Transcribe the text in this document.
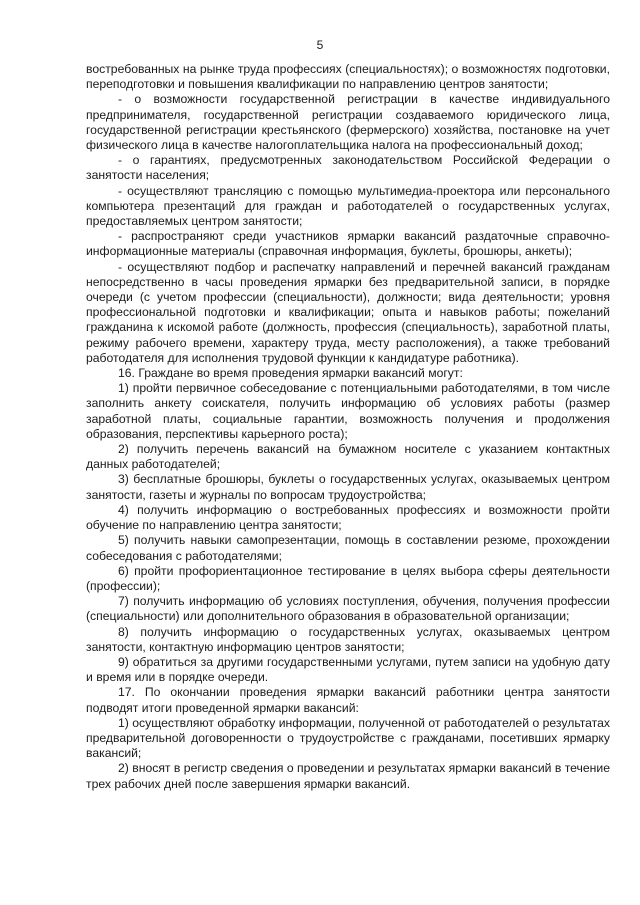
5

востребованных на рынке труда профессиях (специальностях); о возможностях подготовки, переподготовки и повышения квалификации по направлению центров занятости;

- о возможности государственной регистрации в качестве индивидуального предпринимателя, государственной регистрации создаваемого юридического лица, государственной регистрации крестьянского (фермерского) хозяйства, постановке на учет физического лица в качестве налогоплательщика налога на профессиональный доход;

- о гарантиях, предусмотренных законодательством Российской Федерации о занятости населения;

- осуществляют трансляцию с помощью мультимедиа-проектора или персонального компьютера презентаций для граждан и работодателей о государственных услугах, предоставляемых центром занятости;

- распространяют среди участников ярмарки вакансий раздаточные справочно-информационные материалы (справочная информация, буклеты, брошюры, анкеты);

- осуществляют подбор и распечатку направлений и перечней вакансий гражданам непосредственно в часы проведения ярмарки без предварительной записи, в порядке очереди (с учетом профессии (специальности), должности; вида деятельности; уровня профессиональной подготовки и квалификации; опыта и навыков работы; пожеланий гражданина к искомой работе (должность, профессия (специальность), заработной платы, режиму рабочего времени, характеру труда, месту расположения), а также требований работодателя для исполнения трудовой функции к кандидатуре работника).

16. Граждане во время проведения ярмарки вакансий могут:

1) пройти первичное собеседование с потенциальными работодателями, в том числе заполнить анкету соискателя, получить информацию об условиях работы (размер заработной платы, социальные гарантии, возможность получения и продолжения образования, перспективы карьерного роста);

2) получить перечень вакансий на бумажном носителе с указанием контактных данных работодателей;

3) бесплатные брошюры, буклеты о государственных услугах, оказываемых центром занятости, газеты и журналы по вопросам трудоустройства;

4) получить информацию о востребованных профессиях и возможности пройти обучение по направлению центра занятости;

5) получить навыки самопрезентации, помощь в составлении резюме, прохождении собеседования с работодателями;

6) пройти профориентационное тестирование в целях выбора сферы деятельности (профессии);

7) получить информацию об условиях поступления, обучения, получения профессии (специальности) или дополнительного образования в образовательной организации;

8) получить информацию о государственных услугах, оказываемых центром занятости, контактную информацию центров занятости;

9) обратиться за другими государственными услугами, путем записи на удобную дату и время или в порядке очереди.

17. По окончании проведения ярмарки вакансий работники центра занятости подводят итоги проведенной ярмарки вакансий:

1) осуществляют обработку информации, полученной от работодателей о результатах предварительной договоренности о трудоустройстве с гражданами, посетивших ярмарку вакансий;

2) вносят в регистр сведения о проведении и результатах ярмарки вакансий в течение трех рабочих дней после завершения ярмарки вакансий.
